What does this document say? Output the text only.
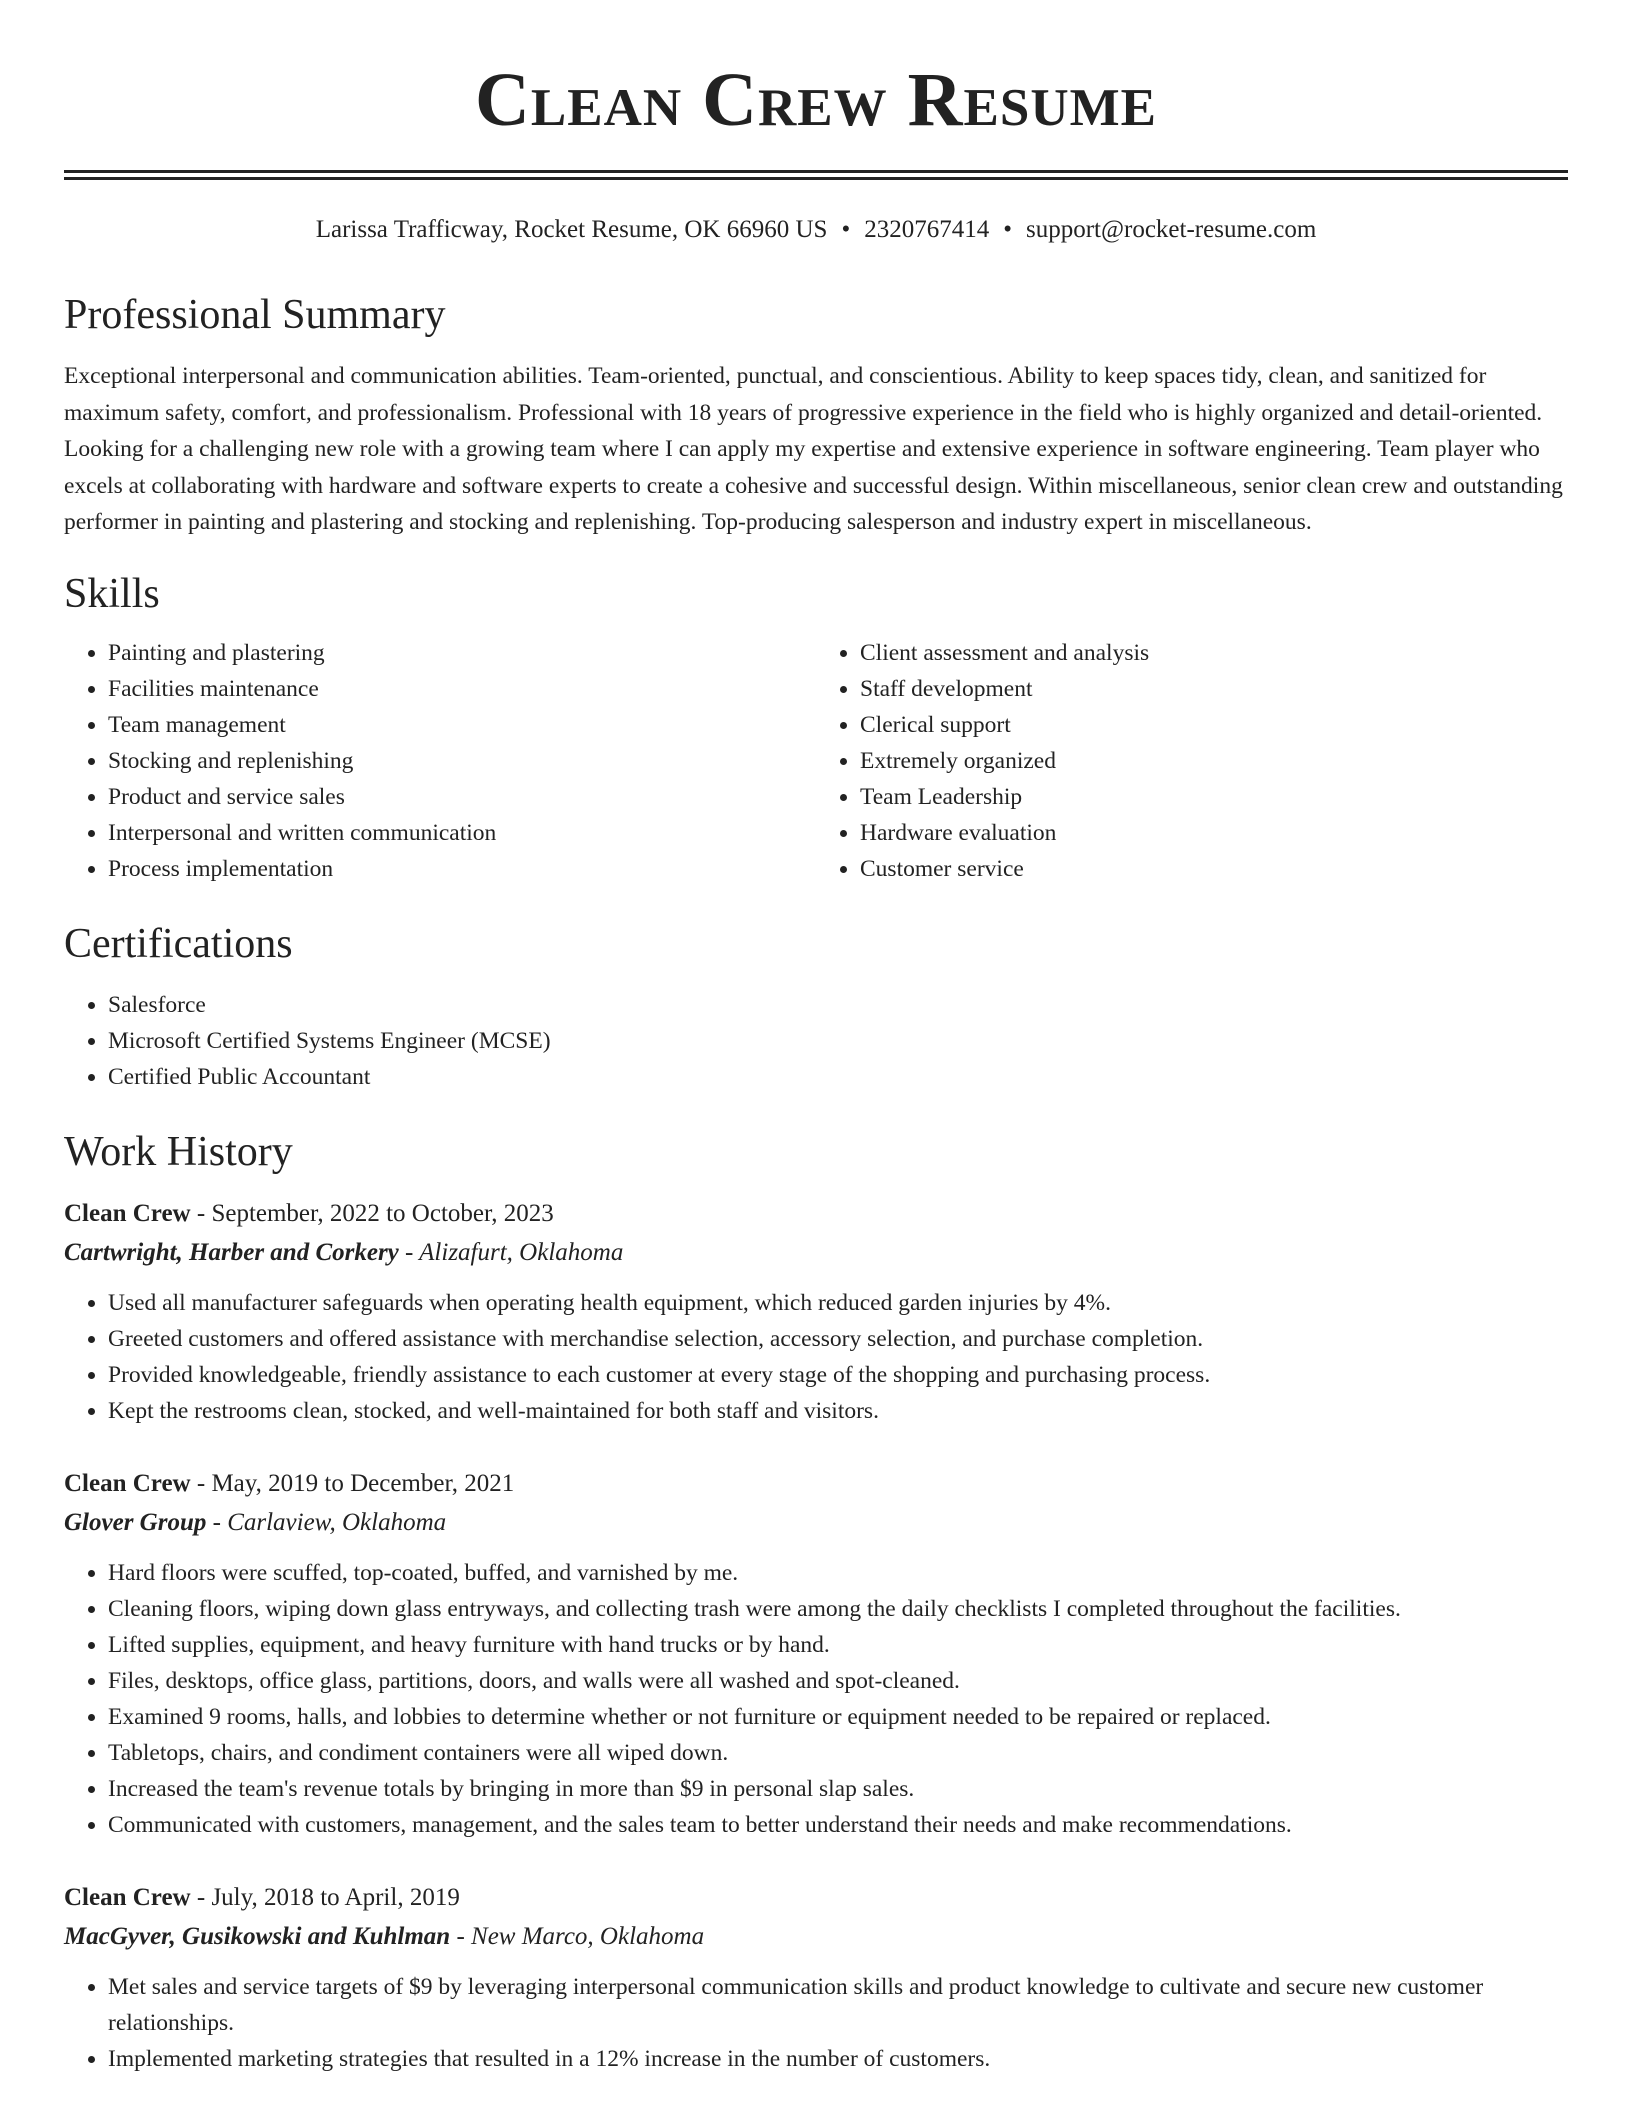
Clean Crew Resume
Larissa Trafficway, Rocket Resume, OK 66960 US • 2320767414 • support@rocket-resume.com
Professional Summary

Exceptional interpersonal and communication abilities. Team-oriented, punctual, and conscientious. Ability to keep spaces tidy, clean, and sanitized for maximum safety, comfort, and professionalism. Professional with 18 years of progressive experience in the field who is highly organized and detail-oriented. Looking for a challenging new role with a growing team where I can apply my expertise and extensive experience in software engineering. Team player who excels at collaborating with hardware and software experts to create a cohesive and successful design. Within miscellaneous, senior clean crew and outstanding performer in painting and plastering and stocking and replenishing. Top-producing salesperson and industry expert in miscellaneous.

Skills
• Painting and plastering
• Facilities maintenance
• Team management
• Stocking and replenishing
• Product and service sales
• Interpersonal and written communication
• Process implementation
• Client assessment and analysis
• Staff development
• Clerical support
• Extremely organized
• Team Leadership
• Hardware evaluation
• Customer service
Certifications
• Salesforce
• Microsoft Certified Systems Engineer (MCSE)
• Certified Public Accountant
Work History
Clean Crew - September, 2022 to October, 2023
Cartwright, Harber and Corkery - Alizafurt, Oklahoma
• Used all manufacturer safeguards when operating health equipment, which reduced garden injuries by 4%.
• Greeted customers and offered assistance with merchandise selection, accessory selection, and purchase completion.
• Provided knowledgeable, friendly assistance to each customer at every stage of the shopping and purchasing process.
• Kept the restrooms clean, stocked, and well-maintained for both staff and visitors.
Clean Crew - May, 2019 to December, 2021
Glover Group - Carlaview, Oklahoma
• Hard floors were scuffed, top-coated, buffed, and varnished by me.
• Cleaning floors, wiping down glass entryways, and collecting trash were among the daily checklists I completed throughout the facilities.
• Lifted supplies, equipment, and heavy furniture with hand trucks or by hand.
• Files, desktops, office glass, partitions, doors, and walls were all washed and spot-cleaned.
• Examined 9 rooms, halls, and lobbies to determine whether or not furniture or equipment needed to be repaired or replaced.
• Tabletops, chairs, and condiment containers were all wiped down.
• Increased the team's revenue totals by bringing in more than $9 in personal slap sales.
• Communicated with customers, management, and the sales team to better understand their needs and make recommendations.
Clean Crew - July, 2018 to April, 2019
MacGyver, Gusikowski and Kuhlman - New Marco, Oklahoma
• Met sales and service targets of $9 by leveraging interpersonal communication skills and product knowledge to cultivate and secure new customer relationships.
• Implemented marketing strategies that resulted in a 12% increase in the number of customers.
